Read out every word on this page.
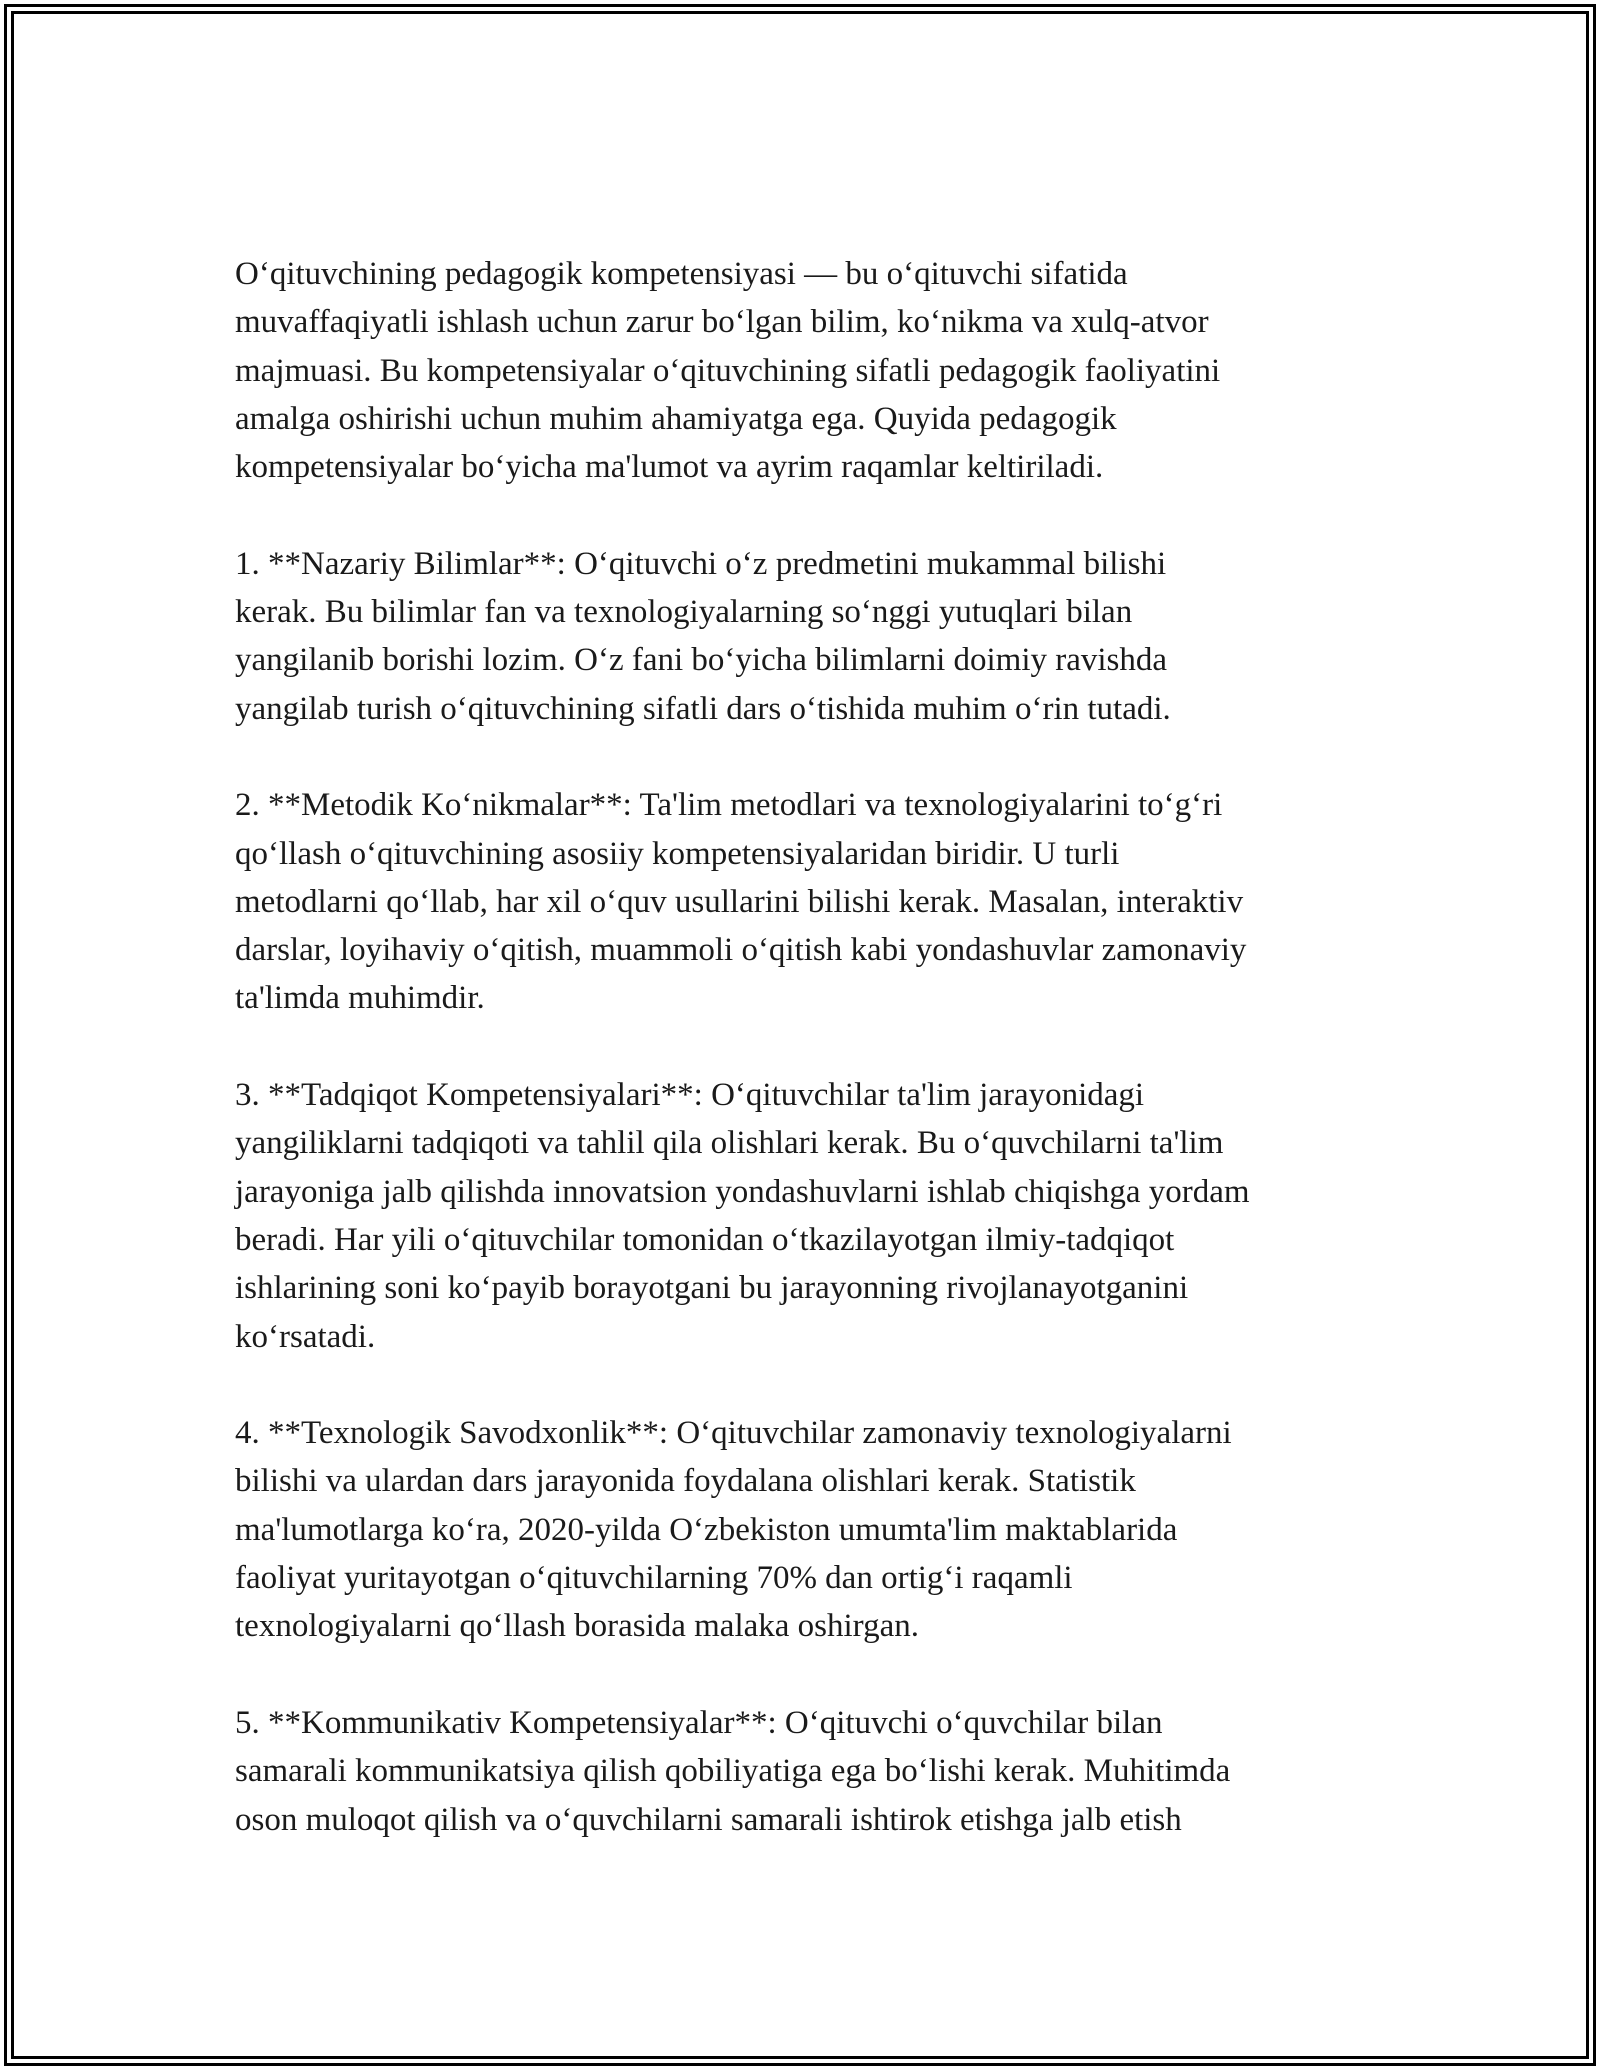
O‘qituvchining pedagogik kompetensiyasi — bu o‘qituvchi sifatida
muvaffaqiyatli ishlash uchun zarur bo‘lgan bilim, ko‘nikma va xulq-atvor
majmuasi. Bu kompetensiyalar o‘qituvchining sifatli pedagogik faoliyatini
amalga oshirishi uchun muhim ahamiyatga ega. Quyida pedagogik
kompetensiyalar bo‘yicha ma'lumot va ayrim raqamlar keltiriladi.

1. **Nazariy Bilimlar**: O‘qituvchi o‘z predmetini mukammal bilishi
kerak. Bu bilimlar fan va texnologiyalarning so‘nggi yutuqlari bilan
yangilanib borishi lozim. O‘z fani bo‘yicha bilimlarni doimiy ravishda
yangilab turish o‘qituvchining sifatli dars o‘tishida muhim o‘rin tutadi.

2. **Metodik Ko‘nikmalar**: Ta'lim metodlari va texnologiyalarini to‘g‘ri
qo‘llash o‘qituvchining asosiiy kompetensiyalaridan biridir. U turli
metodlarni qo‘llab, har xil o‘quv usullarini bilishi kerak. Masalan, interaktiv
darslar, loyihaviy o‘qitish, muammoli o‘qitish kabi yondashuvlar zamonaviy
ta'limda muhimdir.

3. **Tadqiqot Kompetensiyalari**: O‘qituvchilar ta'lim jarayonidagi
yangiliklarni tadqiqoti va tahlil qila olishlari kerak. Bu o‘quvchilarni ta'lim
jarayoniga jalb qilishda innovatsion yondashuvlarni ishlab chiqishga yordam
beradi. Har yili o‘qituvchilar tomonidan o‘tkazilayotgan ilmiy-tadqiqot
ishlarining soni ko‘payib borayotgani bu jarayonning rivojlanayotganini
ko‘rsatadi.

4. **Texnologik Savodxonlik**: O‘qituvchilar zamonaviy texnologiyalarni
bilishi va ulardan dars jarayonida foydalana olishlari kerak. Statistik
ma'lumotlarga ko‘ra, 2020-yilda O‘zbekiston umumta'lim maktablarida
faoliyat yuritayotgan o‘qituvchilarning 70% dan ortig‘i raqamli
texnologiyalarni qo‘llash borasida malaka oshirgan.

5. **Kommunikativ Kompetensiyalar**: O‘qituvchi o‘quvchilar bilan
samarali kommunikatsiya qilish qobiliyatiga ega bo‘lishi kerak. Muhitimda
oson muloqot qilish va o‘quvchilarni samarali ishtirok etishga jalb etish
